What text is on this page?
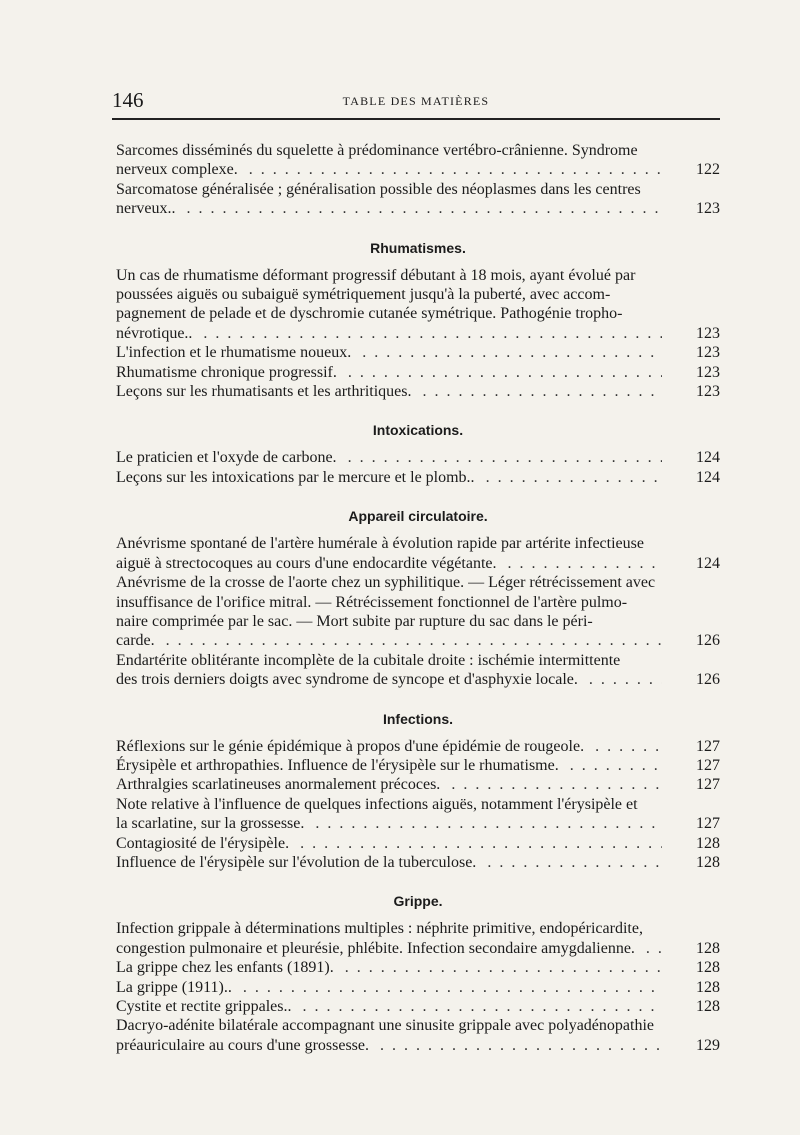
146	TABLE DES MATIÈRES
Sarcomes disséminés du squelette à prédominance vertébro-crânienne. Syndrome
nerveux complexe. . . .	122
Sarcomatose généralisée ; généralisation possible des néoplasmes dans les centres
nerveux.. . . .	123
Rhumatismes.
Un cas de rhumatisme déformant progressif débutant à 18 mois, ayant évolué par
poussées aiguës ou subaiguë symétriquement jusqu'à la puberté, avec accom-
pagnement de pelade et de dyschromie cutanée symétrique. Pathogénie tropho-
névrotique.. . . .	123
L'infection et le rhumatisme noueux. . . .	123
Rhumatisme chronique progressif. . . .	123
Leçons sur les rhumatisants et les arthritiques. . . .	123
Intoxications.
Le praticien et l'oxyde de carbone. . . .	124
Leçons sur les intoxications par le mercure et le plomb.. . . .	124
Appareil circulatoire.
Anévrisme spontané de l'artère humérale à évolution rapide par artérite infectieuse
aiguë à strectocoques au cours d'une endocardite végétante. . . .	124
Anévrisme de la crosse de l'aorte chez un syphilitique. — Léger rétrécissement avec
insuffisance de l'orifice mitral. — Rétrécissement fonctionnel de l'artère pulmo-
naire comprimée par le sac. — Mort subite par rupture du sac dans le péri-
carde. . . .	126
Endartérite oblitérante incomplète de la cubitale droite : ischémie intermittente
des trois derniers doigts avec syndrome de syncope et d'asphyxie locale. . . .	126
Infections.
Réflexions sur le génie épidémique à propos d'une épidémie de rougeole. . . .	127
Érysipèle et arthropathies. Influence de l'érysipèle sur le rhumatisme. . . .	127
Arthralgies scarlatineuses anormalement précoces. . . .	127
Note relative à l'influence de quelques infections aiguës, notamment l'érysipèle et
la scarlatine, sur la grossesse. . . .	127
Contagiosité de l'érysipèle. . . .	128
Influence de l'érysipèle sur l'évolution de la tuberculose. . . .	128
Grippe.
Infection grippale à déterminations multiples : néphrite primitive, endopéricardite,
congestion pulmonaire et pleurésie, phlébite. Infection secondaire amygdalienne. . . .	128
La grippe chez les enfants (1891). . . .	128
La grippe (1911).. . . .	128
Cystite et rectite grippales.. . . .	128
Dacryo-adénite bilatérale accompagnant une sinusite grippale avec polyadénopathie
préauriculaire au cours d'une grossesse. . . .	129
